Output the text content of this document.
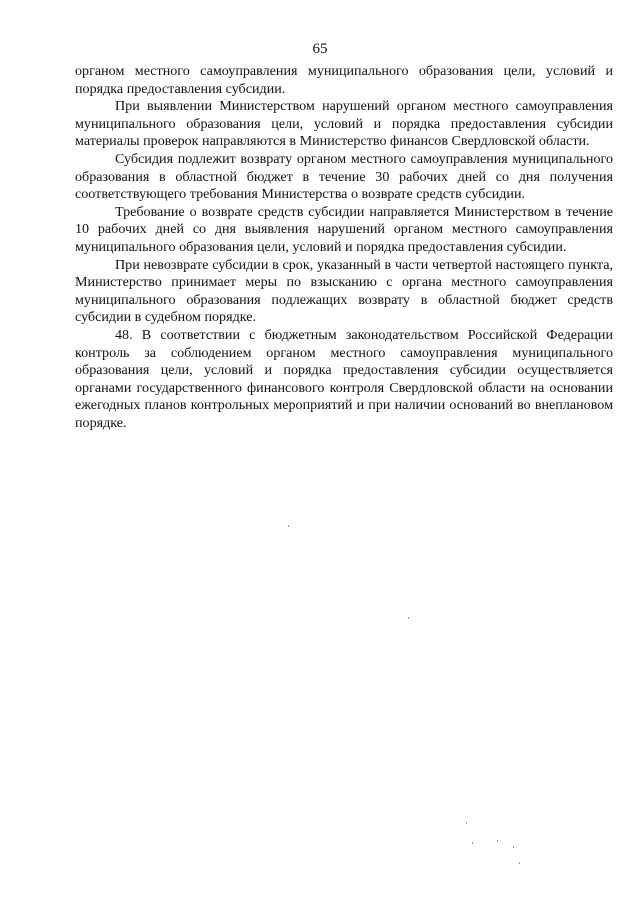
65

органом местного самоуправления муниципального образования цели, условий и порядка предоставления субсидии.

При выявлении Министерством нарушений органом местного самоуправления муниципального образования цели, условий и порядка предоставления субсидии материалы проверок направляются в Министерство финансов Свердловской области.

Субсидия подлежит возврату органом местного самоуправления муниципального образования в областной бюджет в течение 30 рабочих дней со дня получения соответствующего требования Министерства о возврате средств субсидии.

Требование о возврате средств субсидии направляется Министерством в течение 10 рабочих дней со дня выявления нарушений органом местного самоуправления муниципального образования цели, условий и порядка предоставления субсидии.

При невозврате субсидии в срок, указанный в части четвертой настоящего пункта, Министерство принимает меры по взысканию с органа местного самоуправления муниципального образования подлежащих возврату в областной бюджет средств субсидии в судебном порядке.

48. В соответствии с бюджетным законодательством Российской Федерации контроль за соблюдением органом местного самоуправления муниципального образования цели, условий и порядка предоставления субсидии осуществляется органами государственного финансового контроля Свердловской области на основании ежегодных планов контрольных мероприятий и при наличии оснований во внеплановом порядке.
